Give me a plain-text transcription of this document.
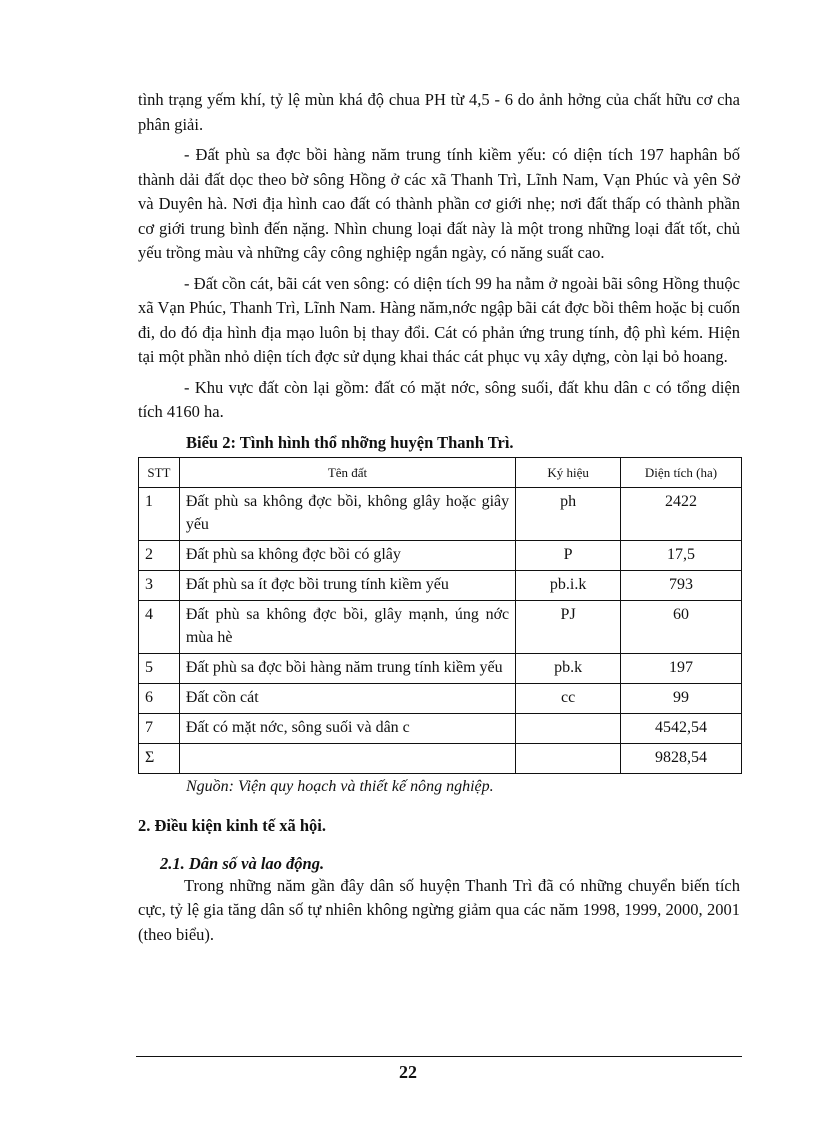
tình trạng yếm khí, tỷ lệ mùn khá độ chua PH từ 4,5 - 6 do ảnh hởng của chất hữu cơ cha phân giải.

- Đất phù sa đợc bồi hàng năm trung tính kiềm yếu: có diện tích 197 haphân bố thành dải đất dọc theo bờ sông Hồng ở các xã Thanh Trì, Lĩnh Nam, Vạn Phúc và yên Sở và Duyên hà. Nơi địa hình cao đất có thành phần cơ giới nhẹ; nơi đất thấp có thành phần cơ giới trung bình đến nặng. Nhìn chung loại đất này là một trong những loại đất tốt, chủ yếu trồng màu và những cây công nghiệp ngắn ngày, có năng suất cao.

- Đất cồn cát, bãi cát ven sông: có diện tích 99 ha nằm ở ngoài bãi sông Hồng thuộc xã Vạn Phúc, Thanh Trì, Lĩnh Nam. Hàng năm,nớc ngập bãi cát đợc bồi thêm hoặc bị cuốn đi, do đó địa hình địa mạo luôn bị thay đổi. Cát có phản ứng trung tính, độ phì kém. Hiện tại một phần nhỏ diện tích đợc sử dụng khai thác cát phục vụ xây dựng, còn lại bỏ hoang.

- Khu vực đất còn lại gồm: đất có mặt nớc, sông suối, đất khu dân c có tổng diện tích 4160 ha.

Biểu 2: Tình hình thổ nhỡng huyện Thanh Trì.
STT	Tên đất	Ký hiệu	Diện tích (ha)
1	Đất phù sa không đợc bồi, không glây hoặc giây yếu	ph	2422
2	Đất phù sa không đợc bồi có glây	P	17,5
3	Đất phù sa ít đợc bồi trung tính kiềm yếu	pb.i.k	793
4	Đất phù sa không đợc bồi, glây mạnh, úng nớc mùa hè	PJ	60
5	Đất phù sa đợc bồi hàng năm trung tính kiềm yếu	pb.k	197
6	Đất cồn cát	cc	99
7	Đất có mặt nớc, sông suối và dân c		4542,54
Σ			9828,54
Nguồn: Viện quy hoạch và thiết kế nông nghiệp.
2. Điều kiện kinh tế xã hội.
2.1. Dân số và lao động.

Trong những năm gần đây dân số huyện Thanh Trì đã có những chuyển biến tích cực, tỷ lệ gia tăng dân số tự nhiên không ngừng giảm qua các năm 1998, 1999, 2000, 2001 (theo biểu).

22
